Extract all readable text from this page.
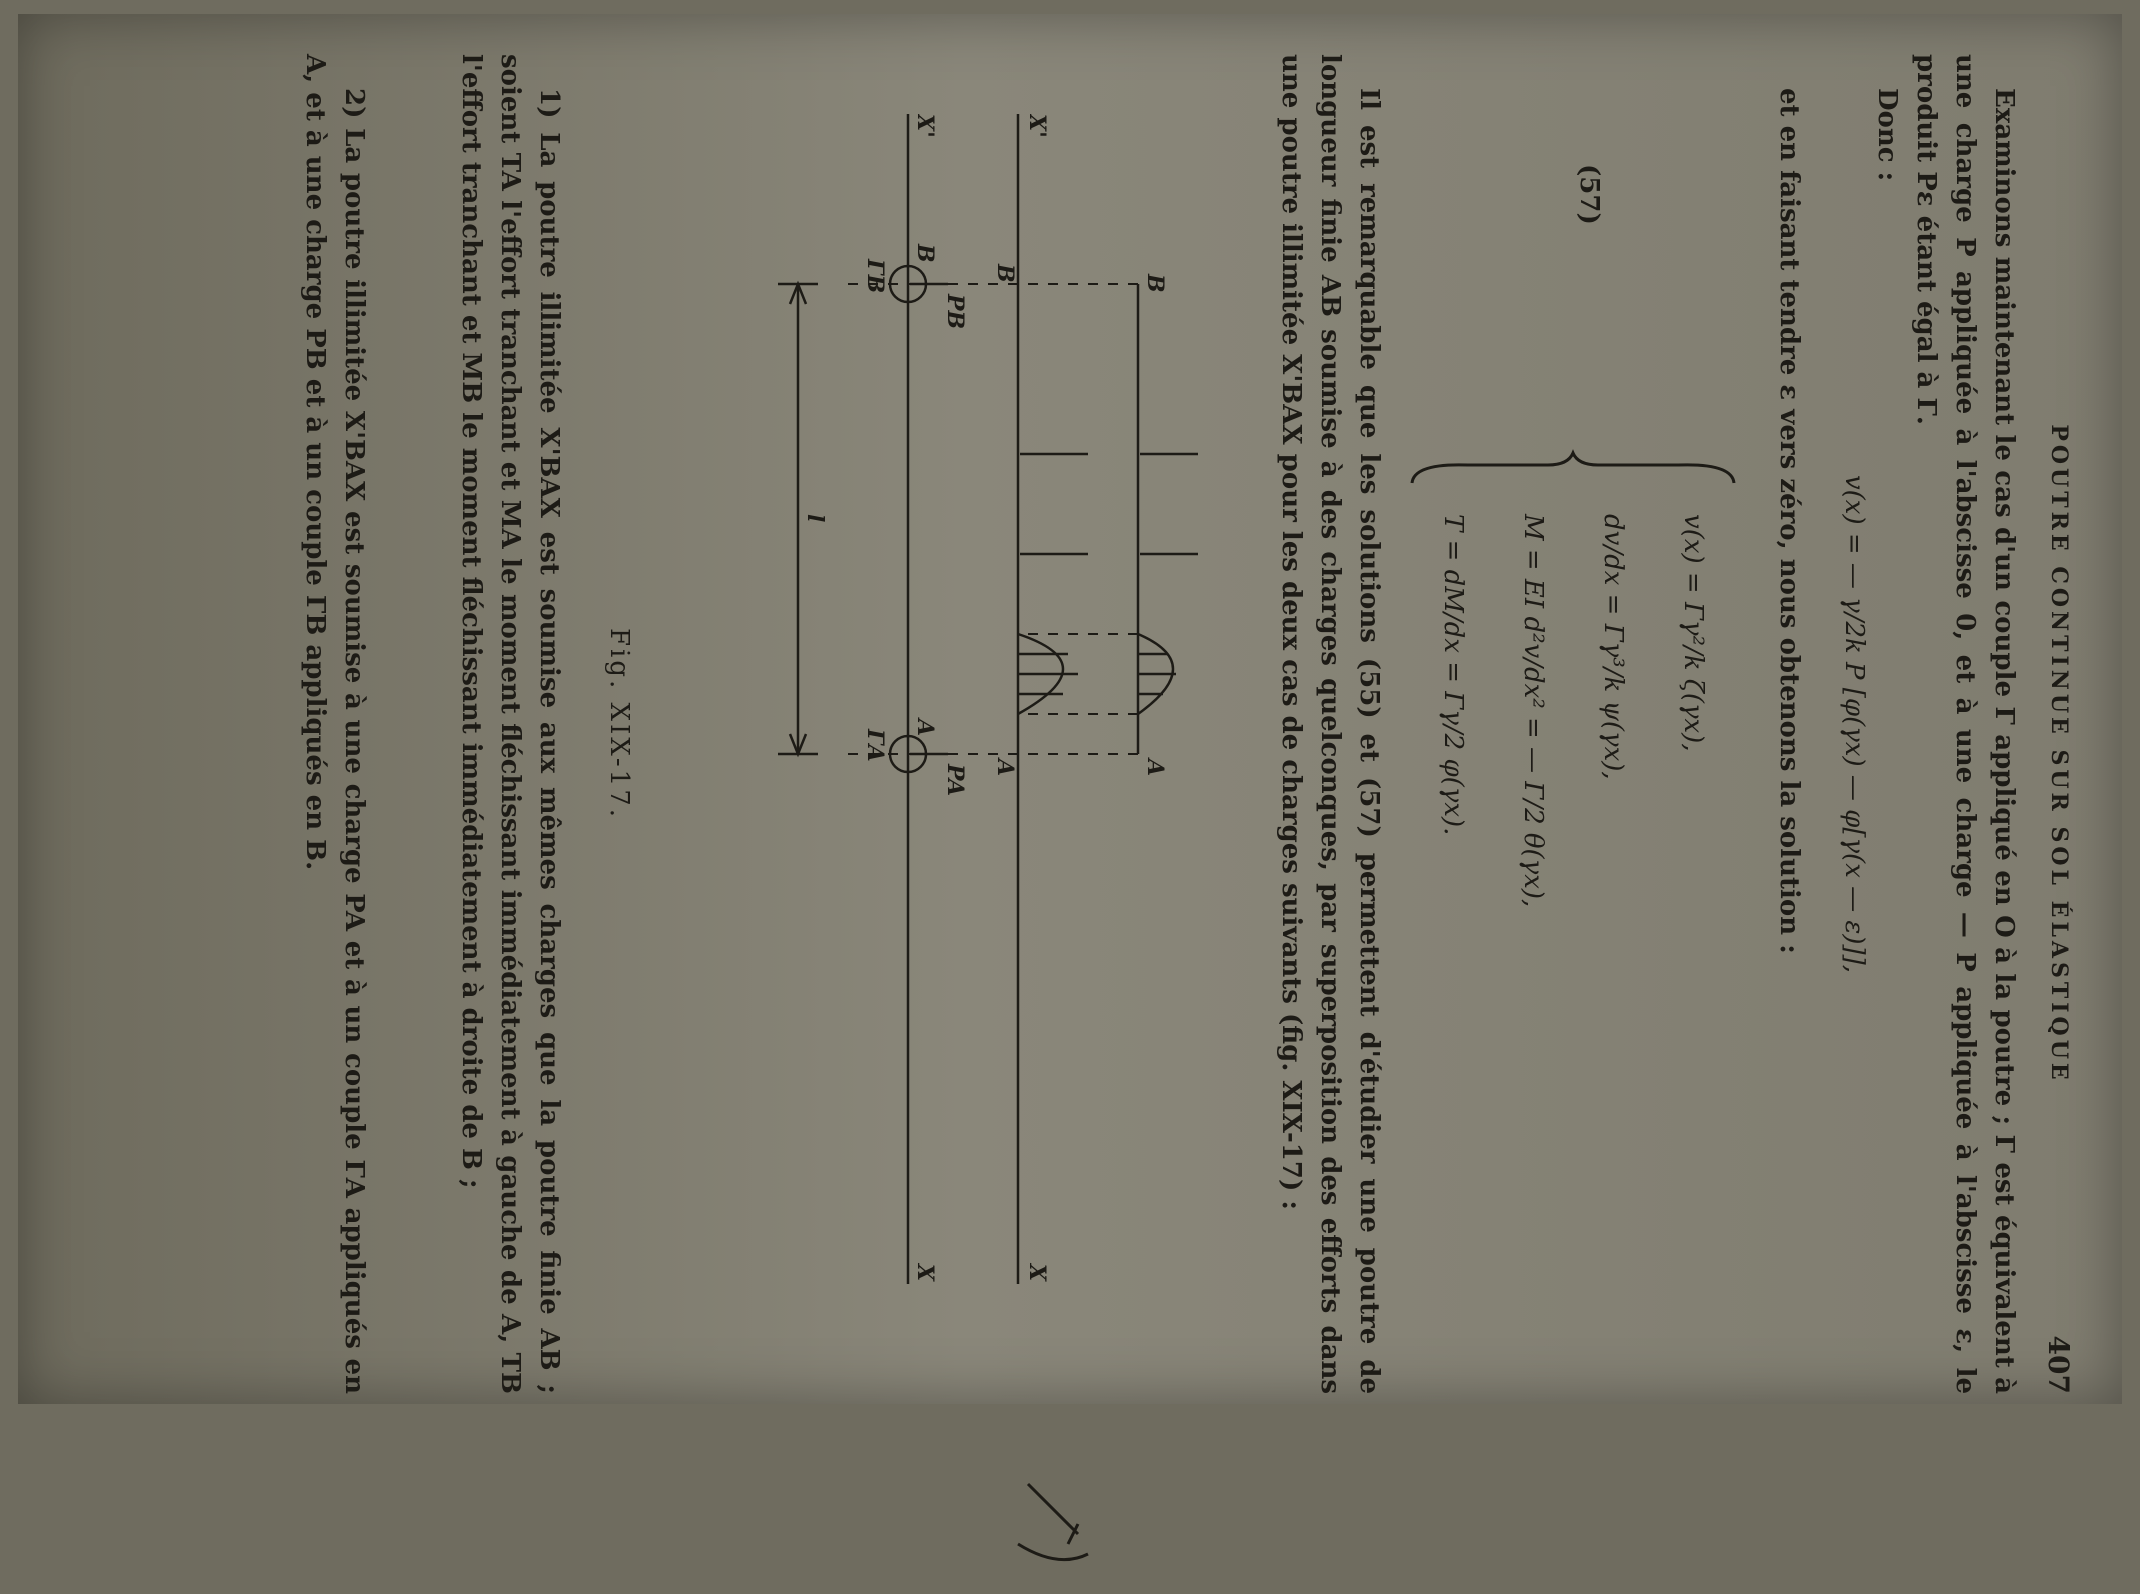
POUTRE CONTINUE SUR SOL ÉLASTIQUE
407

Examinons maintenant le cas d'un couple Γ appliqué en O à la poutre ; Γ est équivalent à une charge P appliquée à l'abscisse 0, et à une charge — P appliquée à l'abscisse ε, le produit Pε étant égal à Γ.

Donc :

v(x) = — γ/2k P [φ(γx) — φ[γ(x — ε)]],

et en faisant tendre ε vers zéro, nous obtenons la solution :

(57)
v(x) = Γγ²/k ζ(γx),
dv/dx = Γγ³/k ψ(γx),
M = EI d²v/dx² = — Γ/2 θ(γx),
T = dM/dx = Γγ/2 φ(γx).

Il est remarquable que les solutions (55) et (57) permettent d'étudier une poutre de longueur finie AB soumise à des charges quelconques, par superposition des efforts dans une poutre illimitée X'BAX pour les deux cas de charges suivants (fig. XIX-17) :

B
A
X'
X
B
A
X'
X
B
A
PB
ΓB
PA
ΓA
l
Fig. XIX-17.

1) La poutre illimitée X'BAX est soumise aux mêmes charges que la poutre finie AB ; soient TA l'effort tranchant et MA le moment fléchissant immédiatement à gauche de A, TB l'effort tranchant et MB le moment fléchissant immédiatement à droite de B ;

2) La poutre illimitée X'BAX est soumise à une charge PA et à un couple ΓA appliqués en A, et à une charge PB et à un couple ΓB appliqués en B.
